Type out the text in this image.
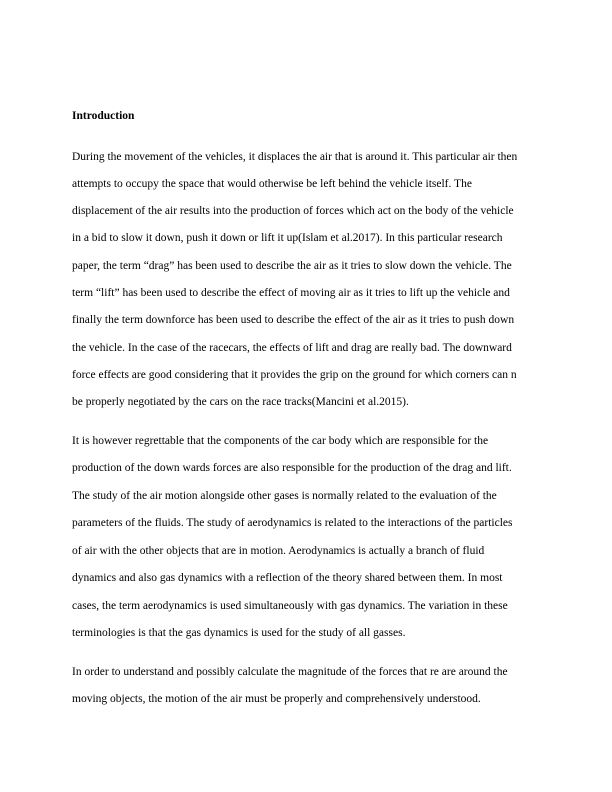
Introduction
During the movement of the vehicles, it displaces the air that is around it. This particular air then
attempts to occupy the space that would otherwise be left behind the vehicle itself. The
displacement of the air results into the production of forces which act on the body of the vehicle
in a bid to slow it down, push it down or lift it up(Islam et al.2017). In this particular research
paper, the term “drag” has been used to describe the air as it tries to slow down the vehicle. The
term “lift” has been used to describe the effect of moving air as it tries to lift up the vehicle and
finally the term downforce has been used to describe the effect of the air as it tries to push down
the vehicle. In the case of the racecars, the effects of lift and drag are really bad. The downward
force effects are good considering that it provides the grip on the ground for which corners can n
be properly negotiated by the cars on the race tracks(Mancini et al.2015).
It is however regrettable that the components of the car body which are responsible for the
production of the down wards forces are also responsible for the production of the drag and lift.
The study of the air motion alongside other gases is normally related to the evaluation of the
parameters of the fluids. The study of aerodynamics is related to the interactions of the particles
of air with the other objects that are in motion. Aerodynamics is actually a branch of fluid
dynamics and also gas dynamics with a reflection of the theory shared between them. In most
cases, the term aerodynamics is used simultaneously with gas dynamics. The variation in these
terminologies is that the gas dynamics is used for the study of all gasses.
In order to understand and possibly calculate the magnitude of the forces that re are around the
moving objects, the motion of the air must be properly and comprehensively understood.
